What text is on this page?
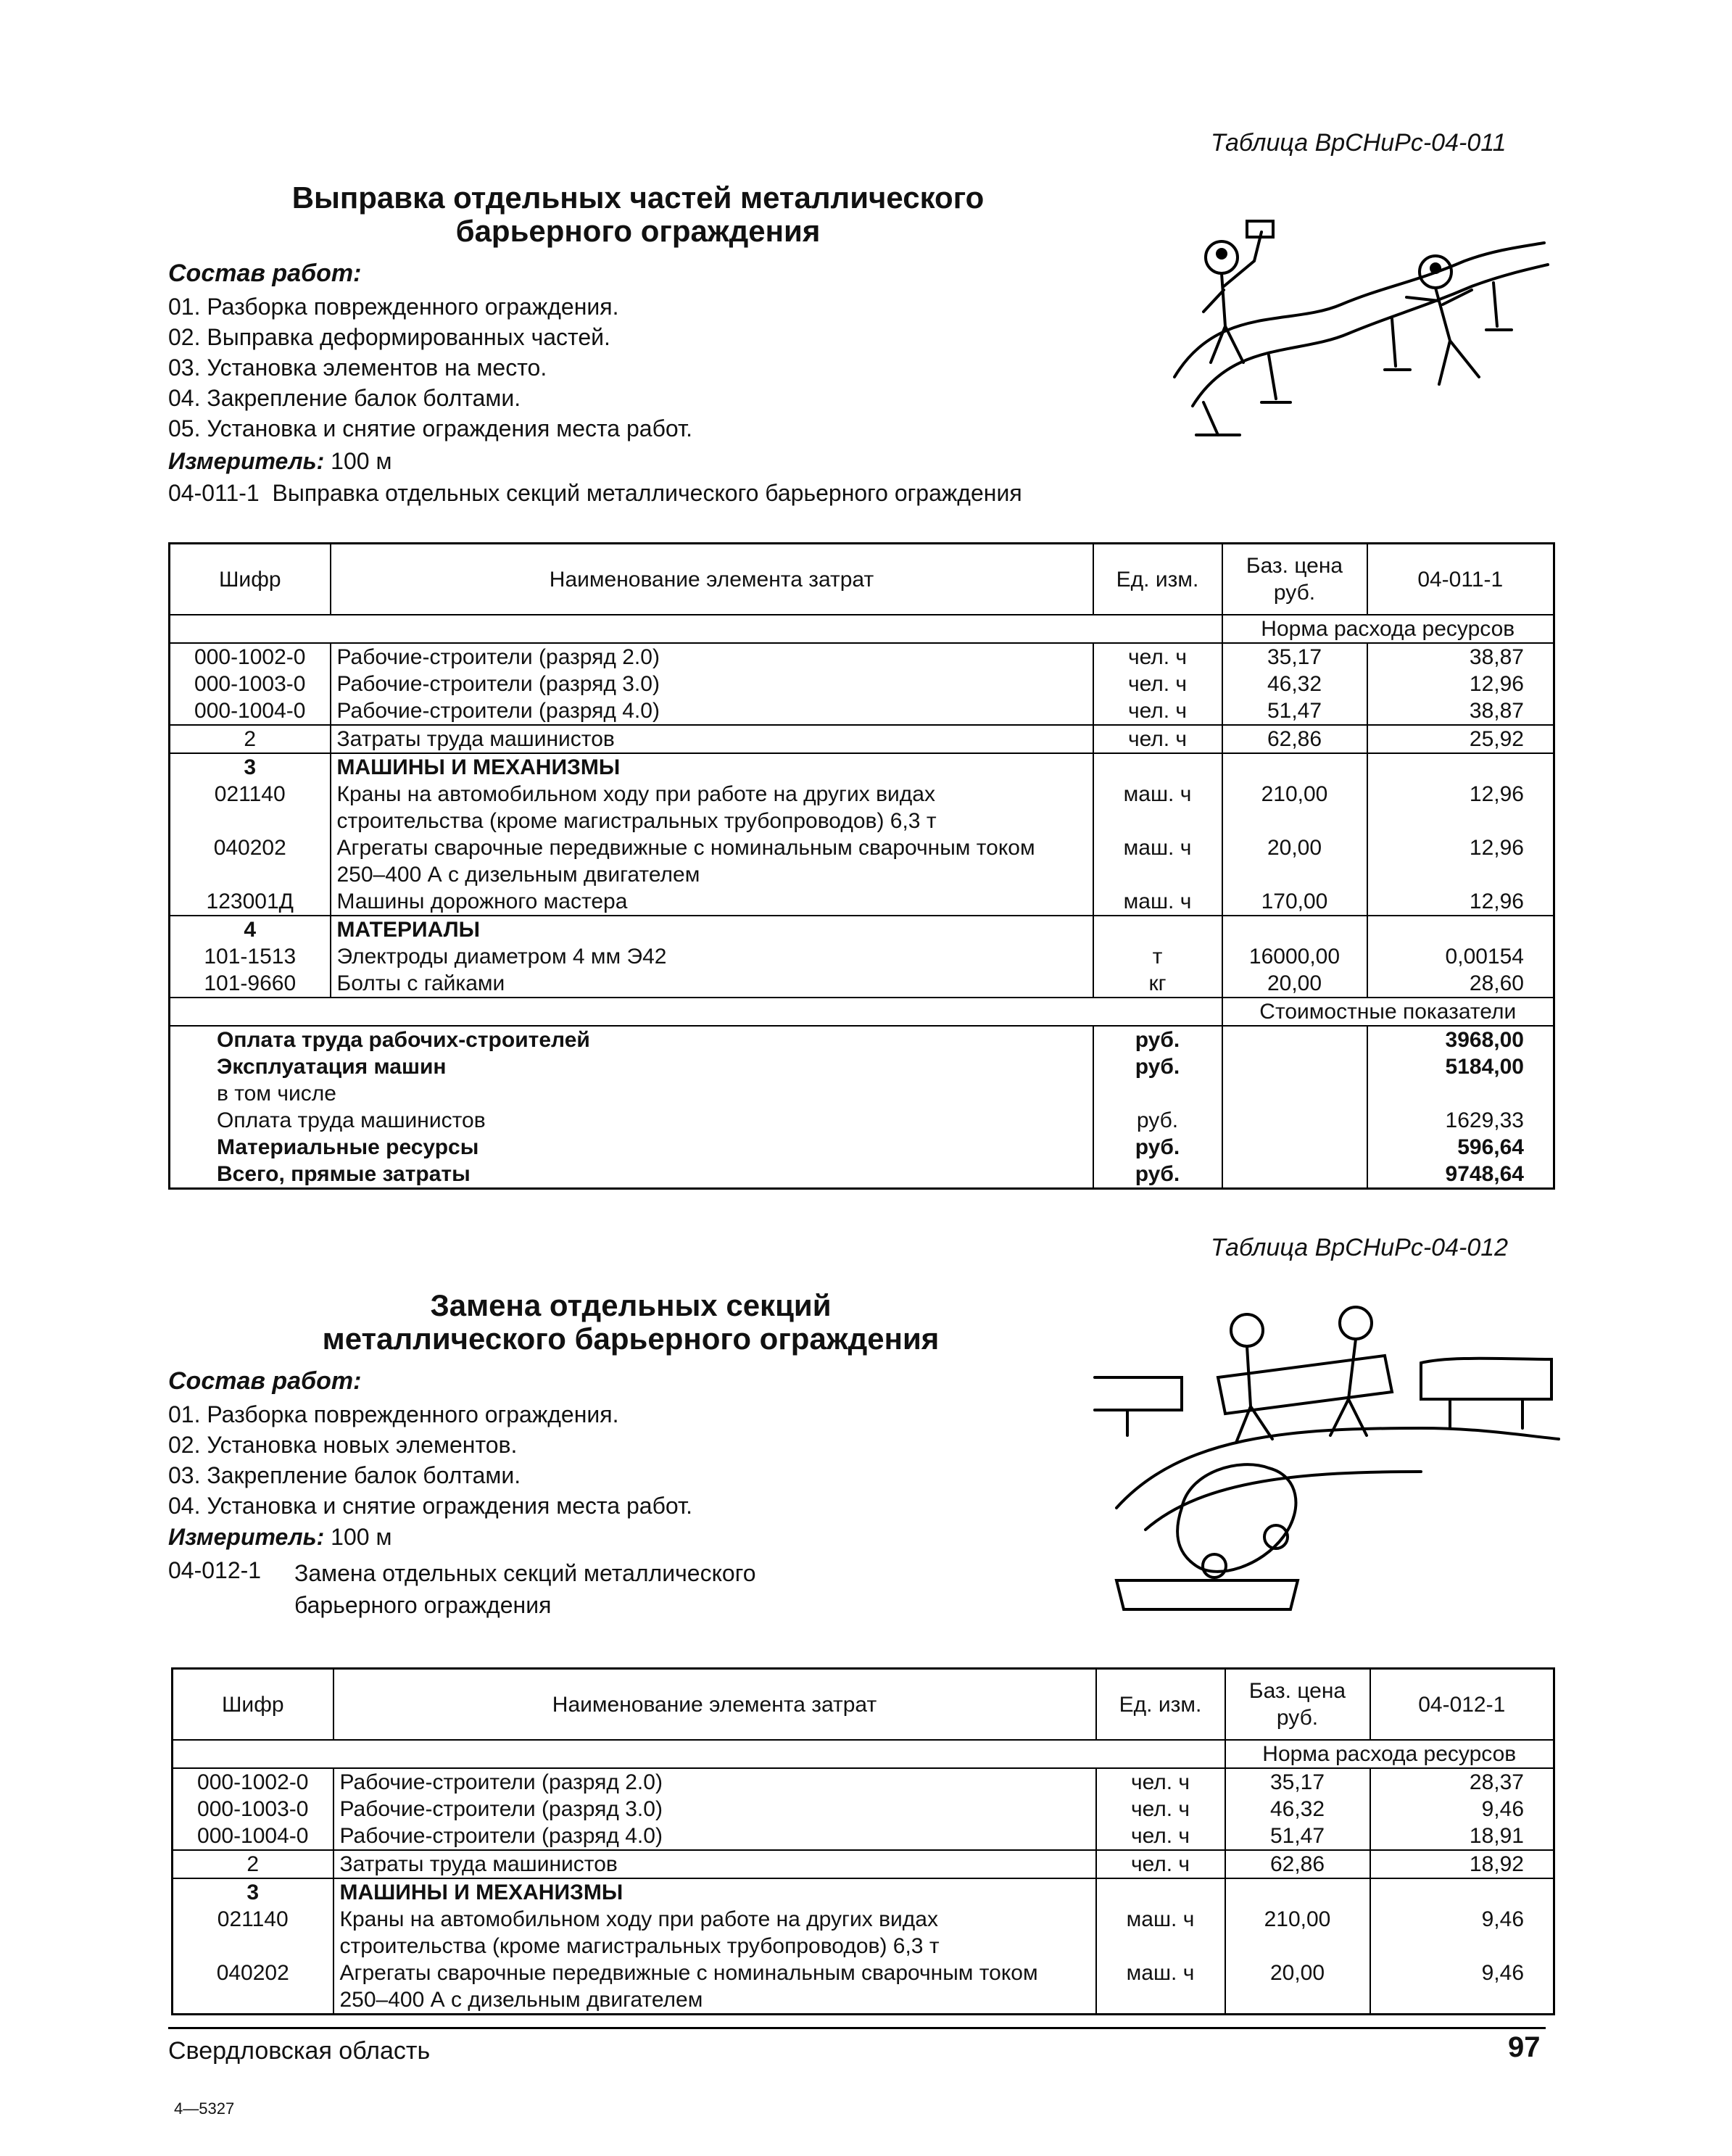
Таблица ВрСНиРс-04-011
Выправка отдельных частей металлического
барьерного ограждения
Состав работ:
01. Разборка поврежденного ограждения.
02. Выправка деформированных частей.
03. Установка элементов на место.
04. Закрепление балок болтами.
05. Установка и снятие ограждения места работ.
Измеритель: 100 м
04-011-1 Выправка отдельных секций металлического барьерного ограждения
Шифр	Наименование элемента затрат	Ед. изм.	Баз. цена руб.	04-011-1
			Норма расхода ресурсов	
000-1002-0	Рабочие-строители (разряд 2.0)	чел. ч	35,17	38,87
000-1003-0	Рабочие-строители (разряд 3.0)	чел. ч	46,32	12,96
000-1004-0	Рабочие-строители (разряд 4.0)	чел. ч	51,47	38,87
2	Затраты труда машинистов	чел. ч	62,86	25,92
3	МАШИНЫ И МЕХАНИЗМЫ			
021140	Краны на автомобильном ходу при работе на других видах строительства (кроме магистральных трубопроводов) 6,3 т	маш. ч	210,00	12,96
040202	Агрегаты сварочные передвижные с номинальным сварочным током 250–400 А с дизельным двигателем	маш. ч	20,00	12,96
123001Д	Машины дорожного мастера	маш. ч	170,00	12,96
4	МАТЕРИАЛЫ			
101-1513	Электроды диаметром 4 мм Э42	т	16000,00	0,00154
101-9660	Болты с гайками	кг	20,00	28,60
			Стоимостные показатели	
Оплата труда рабочих-строителей		руб.		3968,00
Эксплуатация машин		руб.		5184,00
в том числе				
Оплата труда машинистов		руб.		1629,33
Материальные ресурсы		руб.		596,64
Всего, прямые затраты		руб.		9748,64
Таблица ВрСНиРс-04-012
Замена отдельных секций
металлического барьерного ограждения
Состав работ:
01. Разборка поврежденного ограждения.
02. Установка новых элементов.
03. Закрепление балок болтами.
04. Установка и снятие ограждения места работ.
Измеритель: 100 м
04-012-1 Замена отдельных секций металлического
барьерного ограждения
Шифр	Наименование элемента затрат	Ед. изм.	Баз. цена руб.	04-012-1
			Норма расхода ресурсов	
000-1002-0	Рабочие-строители (разряд 2.0)	чел. ч	35,17	28,37
000-1003-0	Рабочие-строители (разряд 3.0)	чел. ч	46,32	9,46
000-1004-0	Рабочие-строители (разряд 4.0)	чел. ч	51,47	18,91
2	Затраты труда машинистов	чел. ч	62,86	18,92
3	МАШИНЫ И МЕХАНИЗМЫ			
021140	Краны на автомобильном ходу при работе на других видах строительства (кроме магистральных трубопроводов) 6,3 т	маш. ч	210,00	9,46
040202	Агрегаты сварочные передвижные с номинальным сварочным током 250–400 А с дизельным двигателем	маш. ч	20,00	9,46
Свердловская область	97
4—5327
